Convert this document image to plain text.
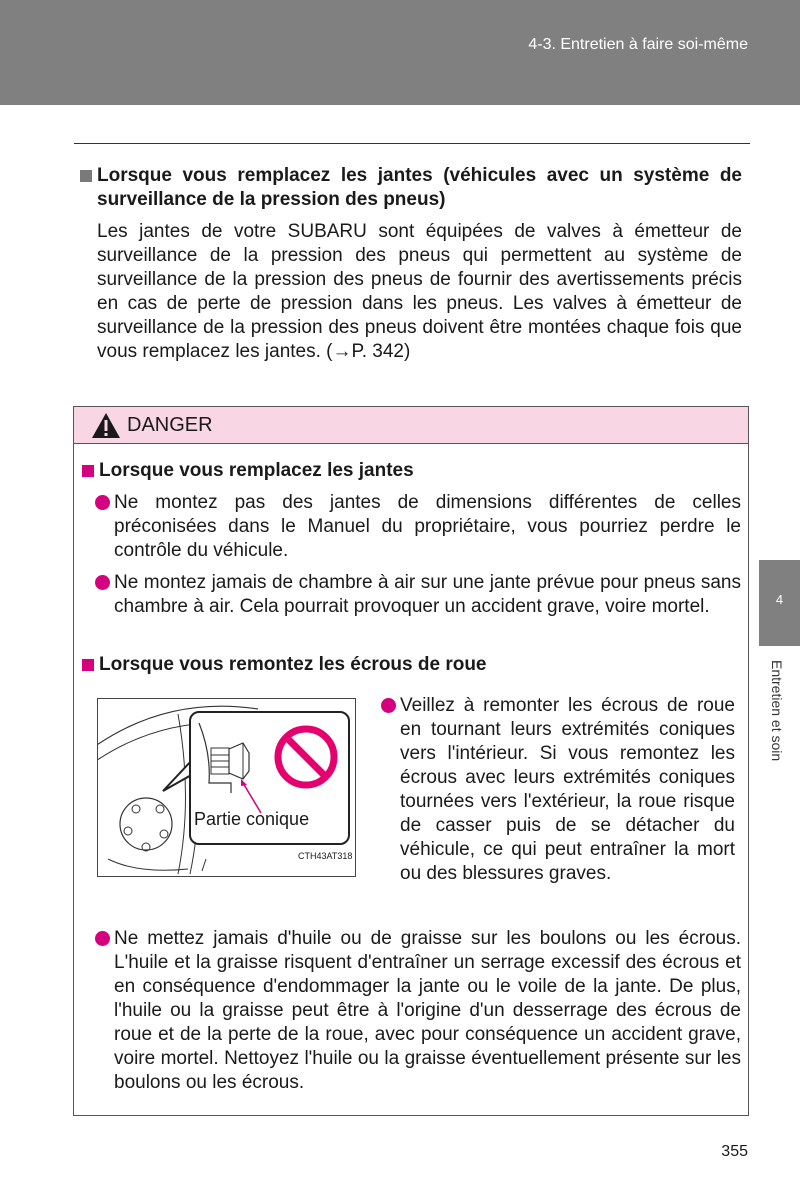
4-3. Entretien à faire soi-même
Lorsque vous remplacez les jantes (véhicules avec un système de surveillance de la pression des pneus)
Les jantes de votre SUBARU sont équipées de valves à émetteur de surveillance de la pression des pneus qui permettent au système de surveillance de la pression des pneus de fournir des avertissements précis en cas de perte de pression dans les pneus. Les valves à émetteur de surveillance de la pression des pneus doivent être montées chaque fois que vous remplacez les jantes. (→P. 342)
DANGER
Lorsque vous remplacez les jantes
Ne montez pas des jantes de dimensions différentes de celles préconisées dans le Manuel du propriétaire, vous pourriez perdre le contrôle du véhicule.
Ne montez jamais de chambre à air sur une jante prévue pour pneus sans chambre à air. Cela pourrait provoquer un accident grave, voire mortel.
Lorsque vous remontez les écrous de roue
Partie conique
CTH43AT318
Veillez à remonter les écrous de roue en tournant leurs extrémités coniques vers l'intérieur. Si vous remontez les écrous avec leurs extrémités coniques tournées vers l'extérieur, la roue risque de casser puis de se détacher du véhicule, ce qui peut entraîner la mort ou des blessures graves.
Ne mettez jamais d'huile ou de graisse sur les boulons ou les écrous. L'huile et la graisse risquent d'entraîner un serrage excessif des écrous et en conséquence d'endommager la jante ou le voile de la jante. De plus, l'huile ou la graisse peut être à l'origine d'un desserrage des écrous de roue et de la perte de la roue, avec pour conséquence un accident grave, voire mortel. Nettoyez l'huile ou la graisse éventuellement présente sur les boulons ou les écrous.
4
Entretien et soin
355
